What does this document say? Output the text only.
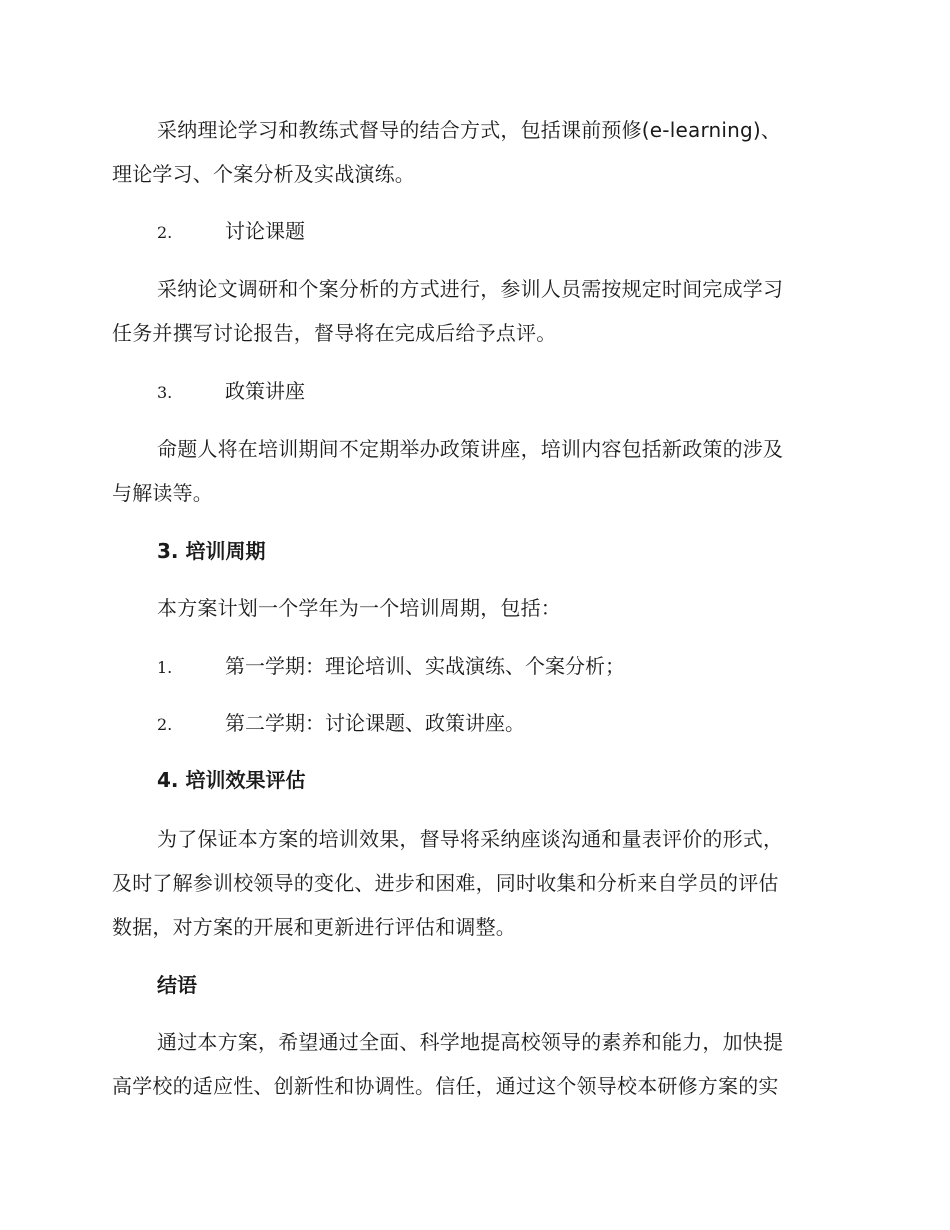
采纳理论学习和教练式督导的结合方式，包括课前预修(e-learning)、
理论学习、个案分析及实战演练。
2.	讨论课题
采纳论文调研和个案分析的方式进行，参训人员需按规定时间完成学习
任务并撰写讨论报告，督导将在完成后给予点评。
3.	政策讲座
命题人将在培训期间不定期举办政策讲座，培训内容包括新政策的涉及
与解读等。
3. 培训周期
本方案计划一个学年为一个培训周期，包括：
1.	第一学期：理论培训、实战演练、个案分析；
2.	第二学期：讨论课题、政策讲座。
4. 培训效果评估
为了保证本方案的培训效果，督导将采纳座谈沟通和量表评价的形式，
及时了解参训校领导的变化、进步和困难，同时收集和分析来自学员的评估
数据，对方案的开展和更新进行评估和调整。
结语
通过本方案，希望通过全面、科学地提高校领导的素养和能力，加快提
高学校的适应性、创新性和协调性。信任，通过这个领导校本研修方案的实
